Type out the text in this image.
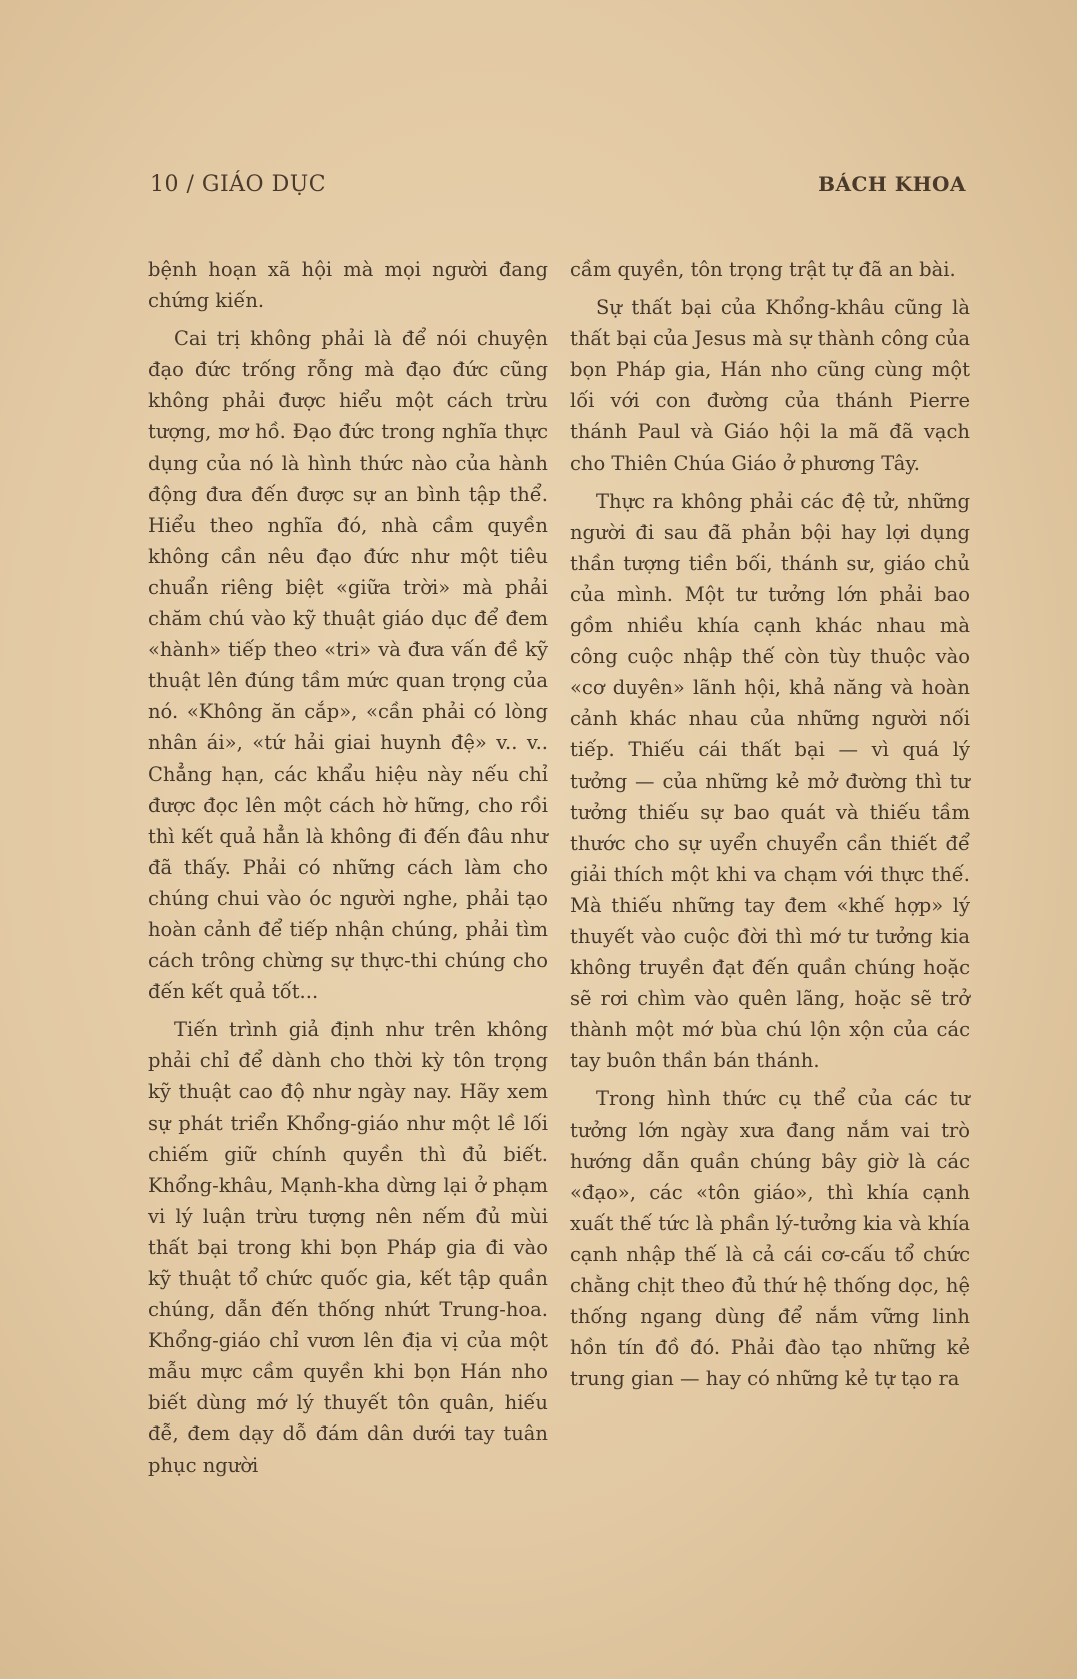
10 / GIÁO DỤC	BÁCH KHOA

bệnh hoạn xã hội mà mọi người đang chứng kiến.

Cai trị không phải là để nói chuyện đạo đức trống rỗng mà đạo đức cũng không phải được hiểu một cách trừu tượng, mơ hồ. Đạo đức trong nghĩa thực dụng của nó là hình thức nào của hành động đưa đến được sự an bình tập thể. Hiểu theo nghĩa đó, nhà cầm quyền không cần nêu đạo đức như một tiêu chuẩn riêng biệt «giữa trời» mà phải chăm chú vào kỹ thuật giáo dục để đem «hành» tiếp theo «tri» và đưa vấn đề kỹ thuật lên đúng tầm mức quan trọng của nó. «Không ăn cắp», «cần phải có lòng nhân ái», «tứ hải giai huynh đệ» v.. v.. Chẳng hạn, các khẩu hiệu này nếu chỉ được đọc lên một cách hờ hững, cho rồi thì kết quả hẳn là không đi đến đâu như đã thấy. Phải có những cách làm cho chúng chui vào óc người nghe, phải tạo hoàn cảnh để tiếp nhận chúng, phải tìm cách trông chừng sự thực-thi chúng cho đến kết quả tốt...

Tiến trình giả định như trên không phải chỉ để dành cho thời kỳ tôn trọng kỹ thuật cao độ như ngày nay. Hãy xem sự phát triển Khổng-giáo như một lề lối chiếm giữ chính quyền thì đủ biết. Khổng-khâu, Mạnh-kha dừng lại ở phạm vi lý luận trừu tượng nên nếm đủ mùi thất bại trong khi bọn Pháp gia đi vào kỹ thuật tổ chức quốc gia, kết tập quần chúng, dẫn đến thống nhứt Trung-hoa. Khổng-giáo chỉ vươn lên địa vị của một mẫu mực cầm quyền khi bọn Hán nho biết dùng mớ lý thuyết tôn quân, hiếu đễ, đem dạy dỗ đám dân dưới tay tuân phục người

cầm quyền, tôn trọng trật tự đã an bài.

Sự thất bại của Khổng-khâu cũng là thất bại của Jesus mà sự thành công của bọn Pháp gia, Hán nho cũng cùng một lối với con đường của thánh Pierre thánh Paul và Giáo hội la mã đã vạch cho Thiên Chúa Giáo ở phương Tây.

Thực ra không phải các đệ tử, những người đi sau đã phản bội hay lợi dụng thần tượng tiền bối, thánh sư, giáo chủ của mình. Một tư tưởng lớn phải bao gồm nhiều khía cạnh khác nhau mà công cuộc nhập thế còn tùy thuộc vào «cơ duyên» lãnh hội, khả năng và hoàn cảnh khác nhau của những người nối tiếp. Thiếu cái thất bại — vì quá lý tưởng — của những kẻ mở đường thì tư tưởng thiếu sự bao quát và thiếu tầm thước cho sự uyển chuyển cần thiết để giải thích một khi va chạm với thực thế. Mà thiếu những tay đem «khế hợp» lý thuyết vào cuộc đời thì mớ tư tưởng kia không truyền đạt đến quần chúng hoặc sẽ rơi chìm vào quên lãng, hoặc sẽ trở thành một mớ bùa chú lộn xộn của các tay buôn thần bán thánh.

Trong hình thức cụ thể của các tư tưởng lớn ngày xưa đang nắm vai trò hướng dẫn quần chúng bây giờ là các «đạo», các «tôn giáo», thì khía cạnh xuất thế tức là phần lý-tưởng kia và khía cạnh nhập thế là cả cái cơ-cấu tổ chức chằng chịt theo đủ thứ hệ thống dọc, hệ thống ngang dùng để nắm vững linh hồn tín đồ đó. Phải đào tạo những kẻ trung gian — hay có những kẻ tự tạo ra
